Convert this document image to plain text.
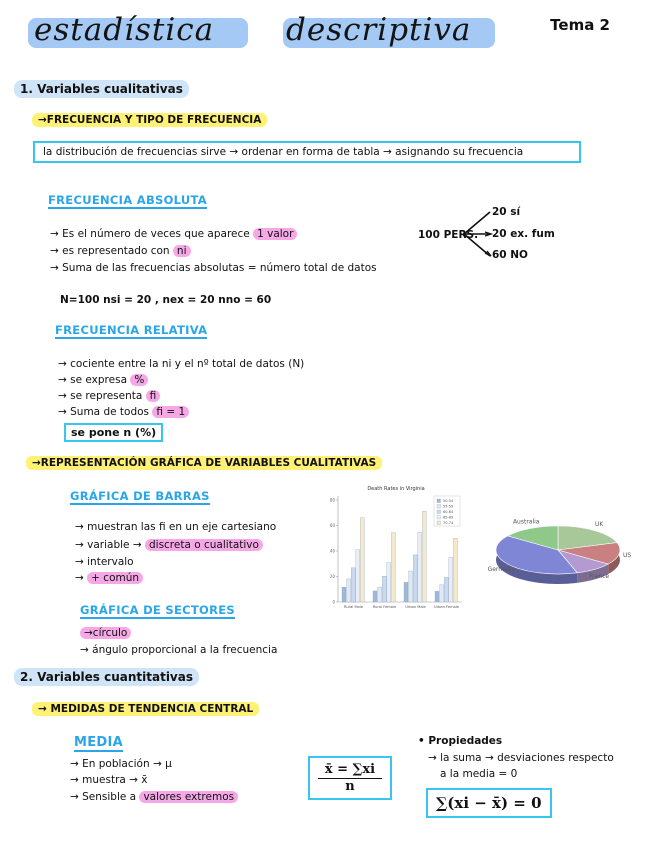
estadística descriptiva	Tema 2
1. Variables cualitativas
→FRECUENCIA Y TIPO DE FRECUENCIA
la distribución de frecuencias sirve → ordenar en forma de tabla → asignando su frecuencia
FRECUENCIA ABSOLUTA
→ Es el número de veces que aparece 1 valor
→ es representado con ni
→ Suma de las frecuencias absolutas = número total de datos
N=100 nsi = 20 , nex = 20 nno = 60
100 PERS.
20 sí
20 ex. fum
60 NO
FRECUENCIA RELATIVA
→ cociente entre la ni y el nº total de datos (N)
→ se expresa %
→ se representa fi
→ Suma de todos fi = 1
se pone n (%)
→REPRESENTACIÓN GRÁFICA DE VARIABLES CUALITATIVAS
GRÁFICA DE BARRAS
→ muestran las fi en un eje cartesiano
→ variable → discreta o cualitativo
→ intervalo
→ + común
GRÁFICA DE SECTORES
→círculo
→ ángulo proporcional a la frecuencia
Death Rates in Virginia
0
20
40
60
80
Rural Male	Rural Female	Urban Male Urban Female
50-54
55-59
60-64
65-69
70-74	UK
US
France
Germany
Australia
2. Variables cuantitativas
→ MEDIDAS DE TENDENCIA CENTRAL
MEDIA
→ En población → μ
→ muestra → x̄
→ Sensible a valores extremos	$\frac{x̄ = \sum xi}{n}$
• Propiedades
→ la suma → desviaciones respecto
a la media = 0
∑(xi − x̄) = 0
